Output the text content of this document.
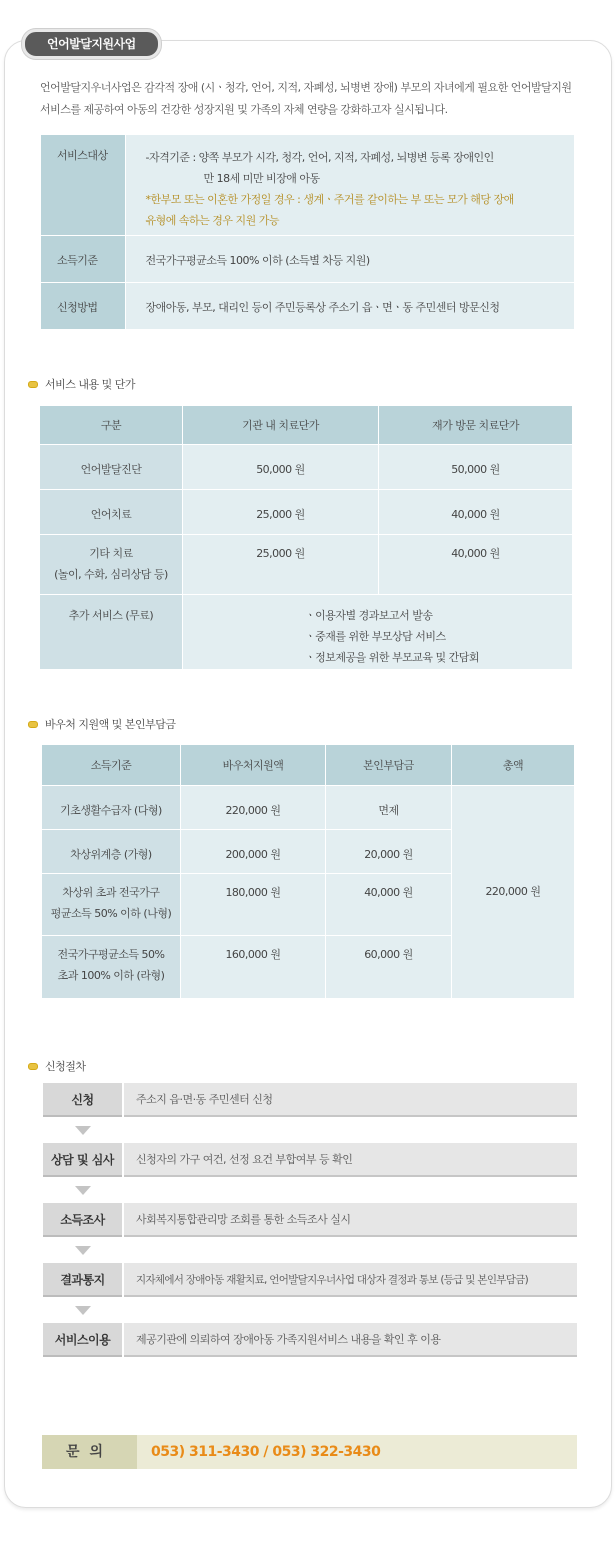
언어발달지원사업

언어발달지우너사업은 감각적 장애 (시ㆍ청각, 언어, 지적, 자폐성, 뇌병변 장애) 부모의 자녀에게 필요한 언어발달지원

서비스를 제공하여 아동의 건강한 성장지원 및 가족의 자체 연량을 강화하고자 실시됩니다.

서비스대상	-자격기준 : 양쪽 부모가 시각, 청각, 언어, 지적, 자폐성, 뇌병변 등록 장애인인
만 18세 미만 비장애 아동
*한부모 또는 이혼한 가정일 경우 : 생계ㆍ주거를 같이하는 부 또는 모가 해당 장애
유형에 속하는 경우 지원 가능

소득기준	전국가구평균소득 100% 이하 (소득별 차등 지원)
신청방법	장애아동, 부모, 대리인 등이 주민등록상 주소기 읍ㆍ면ㆍ동 주민센터 방문신청
서비스 내용 및 단가
구분	기관 내 치료단가	재가 방문 치료단가
언어발달진단	50,000 원	50,000 원
언어치료	25,000 원	40,000 원

기타 치료
(놀이, 수화, 심리상담 등)	25,000 원	40,000 원
추가 서비스 (무료)	ㆍ이용자별 경과보고서 발송
ㆍ중재를 위한 부모상담 서비스
ㆍ정보제공을 위한 부모교육 및 간담회	
바우처 지원액 및 본인부담금
소득기준	바우처지원액	본인부담금	총액
기초생활수급자 (다형)	220,000 원	면제	220,000 원
차상위계층 (가형)	200,000 원	20,000 원	

차상위 초과 전국가구
평균소득 50% 이하 (나형)	180,000 원	40,000 원	

전국가구평균소득 50%
초과 100% 이하 (라형)	160,000 원	60,000 원	
신청절차
신청	주소지 읍·면·동 주민센터 신청
상담 및 심사	신청자의 가구 여건, 선정 요건 부합여부 등 확인
소득조사	사회복지통합관리망 조회를 통한 소득조사 실시
결과통지	지자체에서 장애아동 재활치료, 언어발달지우너사업 대상자 결정과 통보 (등급 및 본인부담금)
서비스이용	제공기관에 의뢰하여 장애아동 가족지원서비스 내용을 확인 후 이용
문의	053) 311-3430 / 053) 322-3430
